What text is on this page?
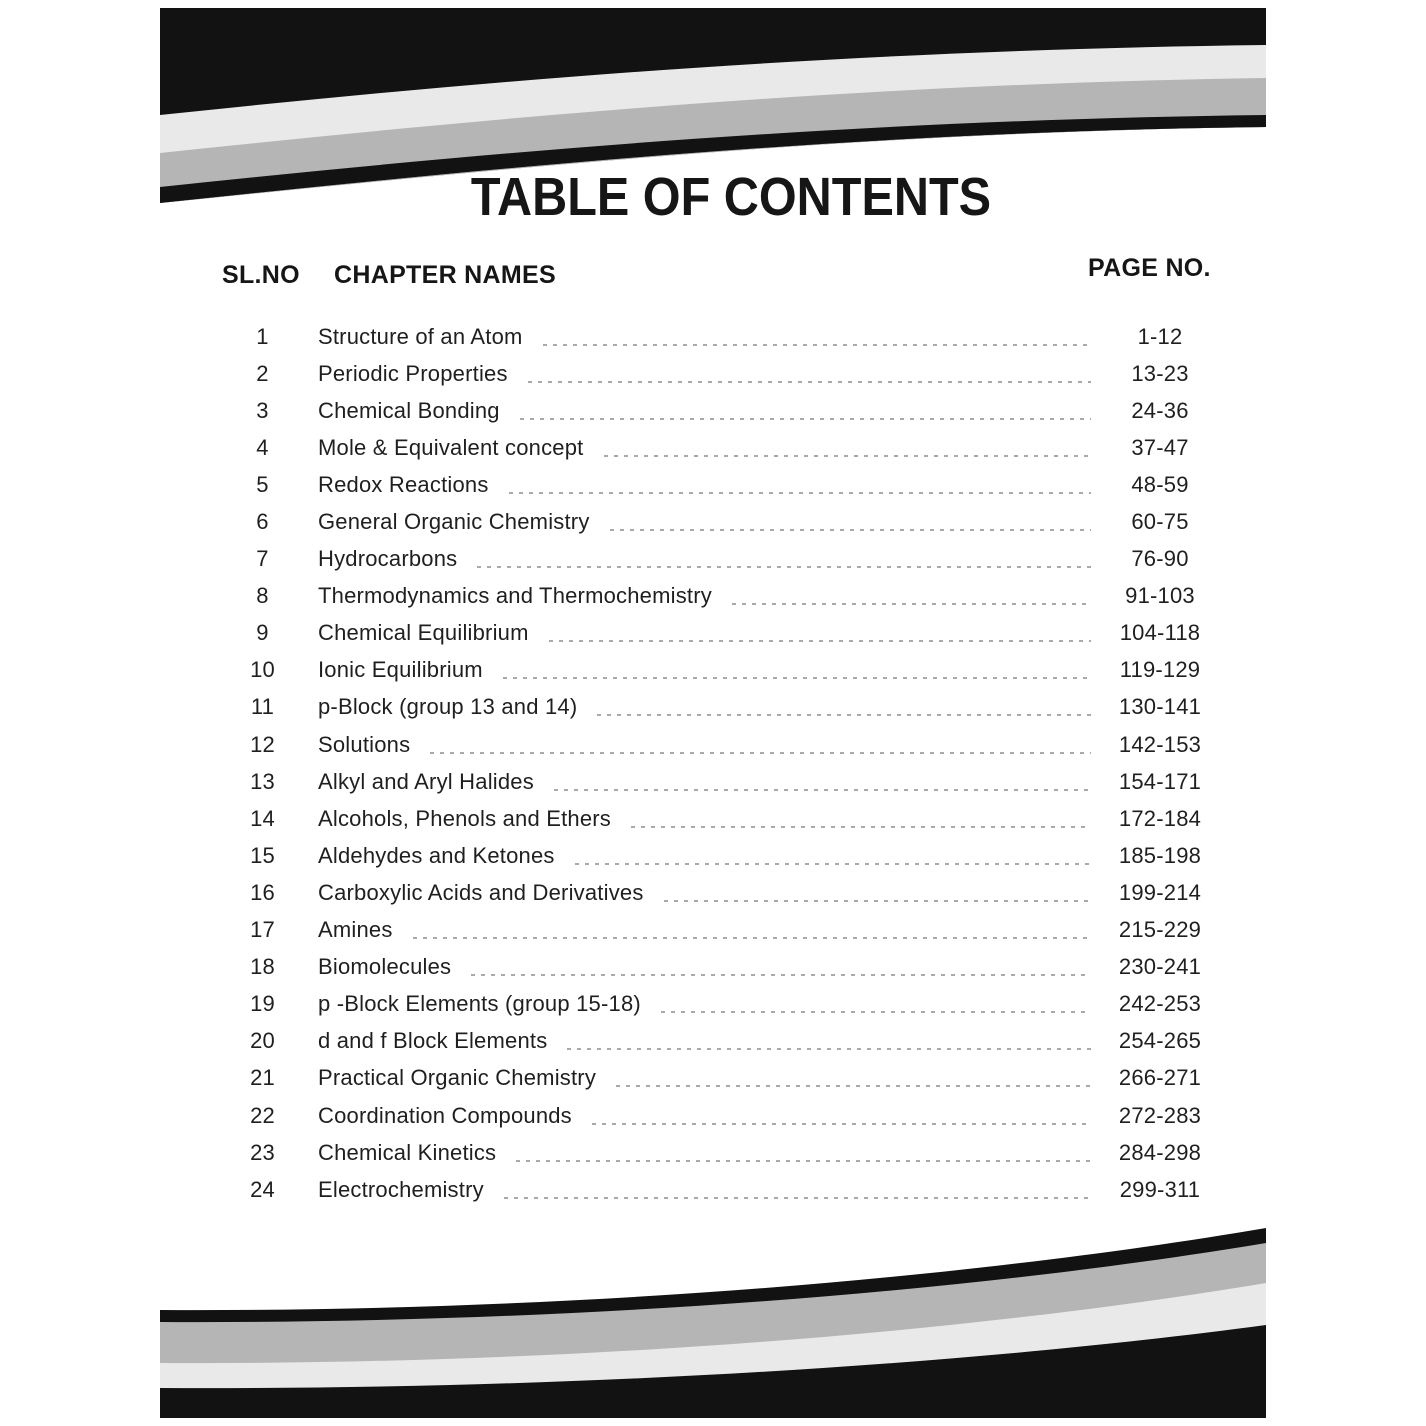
TABLE OF CONTENTS
SL.NO CHAPTER NAMES	PAGE NO.
1	Structure of an Atom	1-12
2	Periodic Properties	13-23
3	Chemical Bonding	24-36
4	Mole & Equivalent concept	37-47
5	Redox Reactions	48-59
6	General Organic Chemistry	60-75
7	Hydrocarbons	76-90
8	Thermodynamics and Thermochemistry	91-103
9	Chemical Equilibrium	104-118
10	Ionic Equilibrium	119-129
11	p-Block (group 13 and 14)	130-141
12	Solutions	142-153
13	Alkyl and Aryl Halides	154-171
14	Alcohols, Phenols and Ethers	172-184
15	Aldehydes and Ketones	185-198
16	Carboxylic Acids and Derivatives	199-214
17	Amines	215-229
18	Biomolecules	230-241
19	p -Block Elements (group 15-18)	242-253
20	d and f Block Elements	254-265
21	Practical Organic Chemistry	266-271
22	Coordination Compounds	272-283
23	Chemical Kinetics	284-298
24	Electrochemistry	299-311
